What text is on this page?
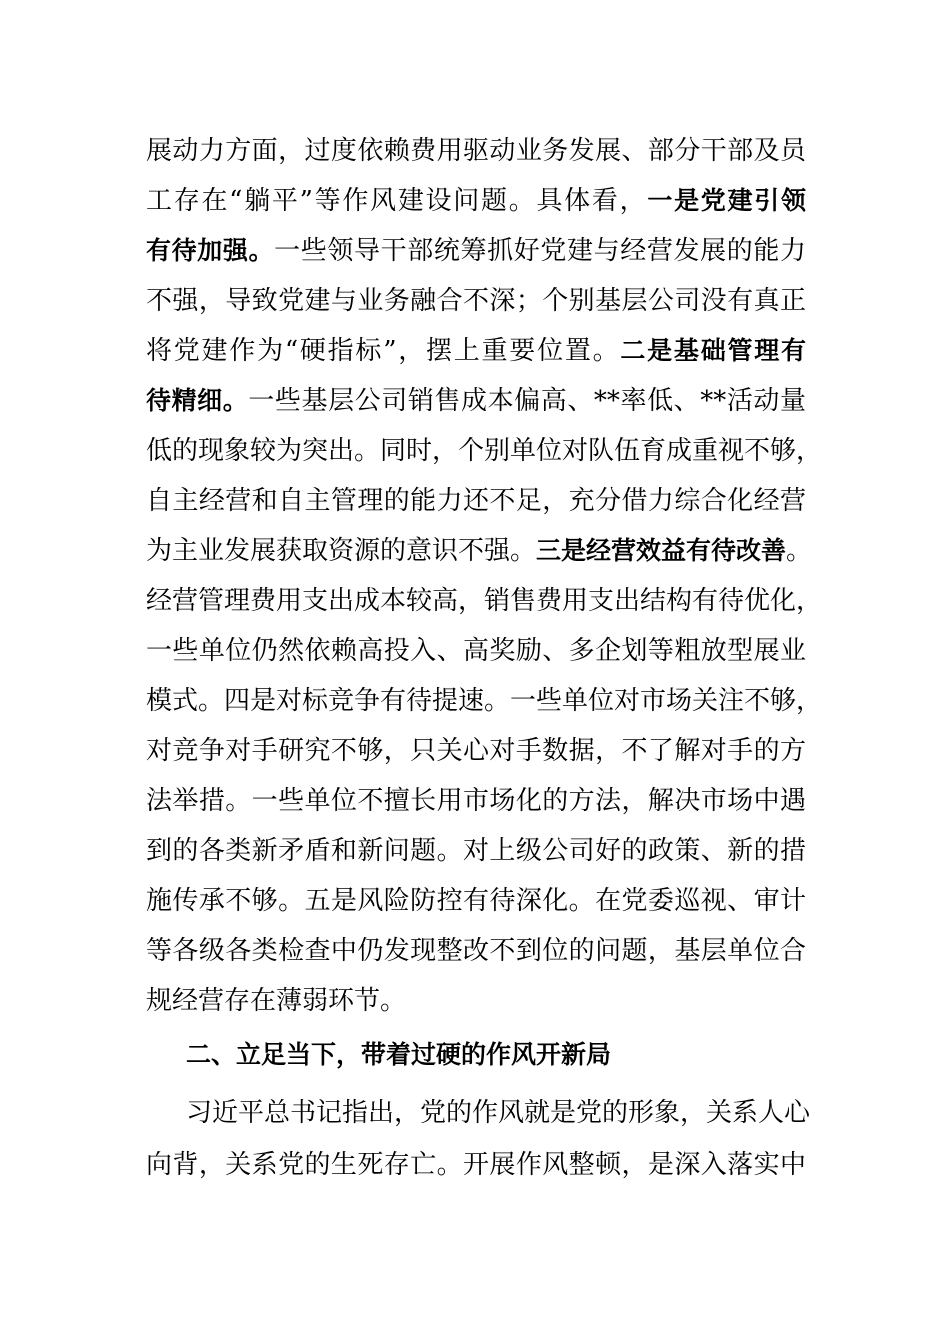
展动力方面，过度依赖费用驱动业务发展、部分干部及员
工存在“躺平”等作风建设问题。具体看，一是党建引领
有待加强。一些领导干部统筹抓好党建与经营发展的能力
不强，导致党建与业务融合不深；个别基层公司没有真正
将党建作为“硬指标”，摆上重要位置。二是基础管理有
待精细。一些基层公司销售成本偏高、**率低、**活动量
低的现象较为突出。同时，个别单位对队伍育成重视不够，
自主经营和自主管理的能力还不足，充分借力综合化经营
为主业发展获取资源的意识不强。三是经营效益有待改善。
经营管理费用支出成本较高，销售费用支出结构有待优化，
一些单位仍然依赖高投入、高奖励、多企划等粗放型展业
模式。四是对标竞争有待提速。一些单位对市场关注不够，
对竞争对手研究不够，只关心对手数据，不了解对手的方
法举措。一些单位不擅长用市场化的方法，解决市场中遇
到的各类新矛盾和新问题。对上级公司好的政策、新的措
施传承不够。五是风险防控有待深化。在党委巡视、审计
等各级各类检查中仍发现整改不到位的问题，基层单位合
规经营存在薄弱环节。
二、立足当下，带着过硬的作风开新局
习近平总书记指出，党的作风就是党的形象，关系人心
向背，关系党的生死存亡。开展作风整顿，是深入落实中
